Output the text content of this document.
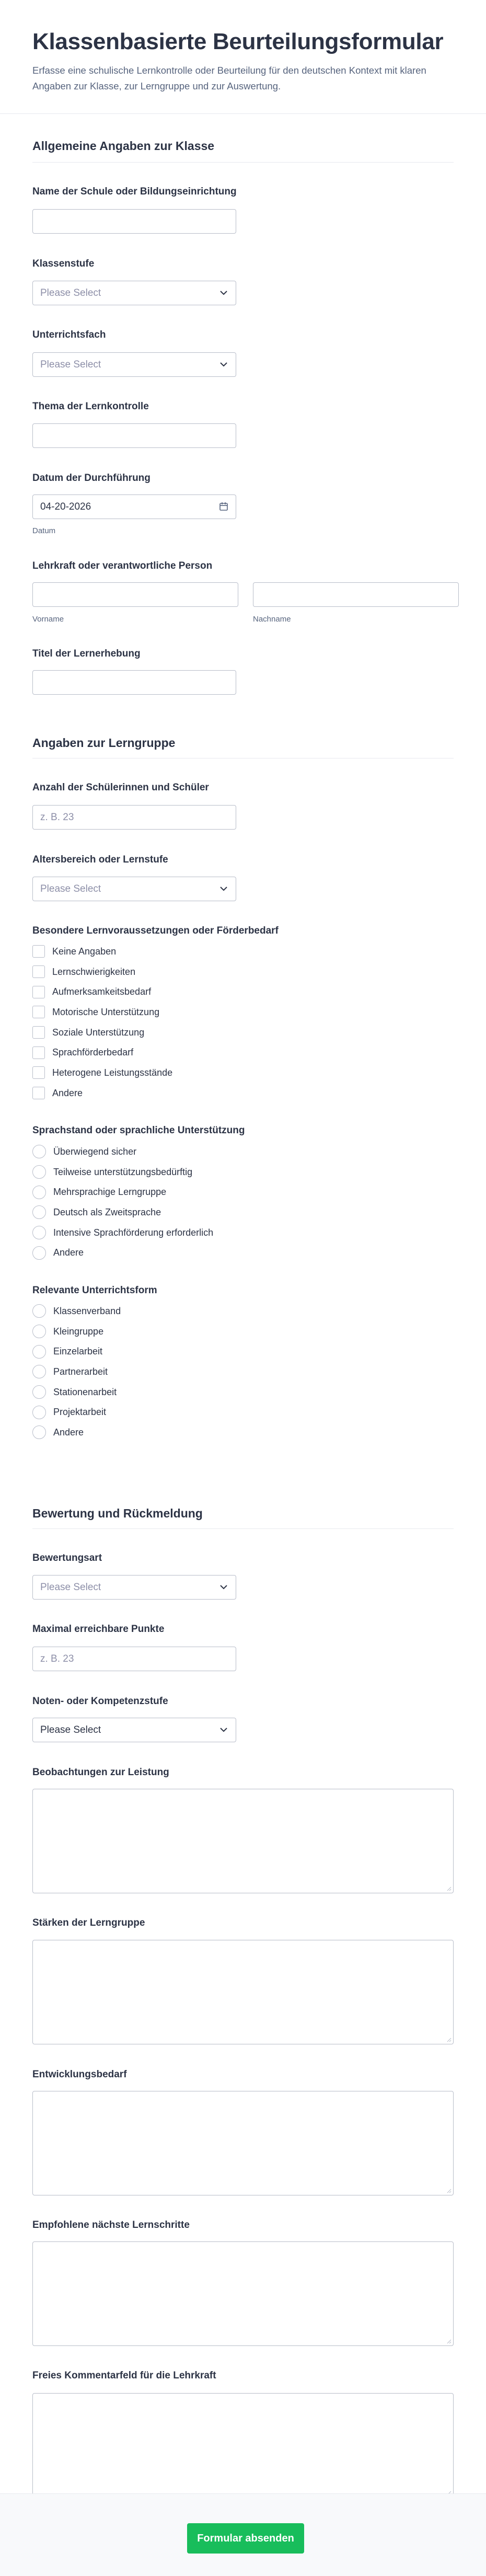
Klassenbasierte Beurteilungsformular

Erfasse eine schulische Lernkontrolle oder Beurteilung für den deutschen Kontext mit klaren Angaben zur Klasse, zur Lerngruppe und zur Auswertung.

Allgemeine Angaben zur Klasse
Name der Schule oder Bildungseinrichtung
Klassenstufe
Please Select
Unterrichtsfach
Please Select
Thema der Lernkontrolle
Datum der Durchführung
04-20-2026
Datum
Lehrkraft oder verantwortliche Person
Vorname	Nachname
Titel der Lernerhebung
Angaben zur Lerngruppe
Anzahl der Schülerinnen und Schüler
z. B. 23
Altersbereich oder Lernstufe
Please Select
Besondere Lernvoraussetzungen oder Förderbedarf
Keine Angaben
Lernschwierigkeiten
Aufmerksamkeitsbedarf
Motorische Unterstützung
Soziale Unterstützung
Sprachförderbedarf
Heterogene Leistungsstände
Andere
Sprachstand oder sprachliche Unterstützung
Überwiegend sicher
Teilweise unterstützungsbedürftig
Mehrsprachige Lerngruppe
Deutsch als Zweitsprache
Intensive Sprachförderung erforderlich
Andere
Relevante Unterrichtsform
Klassenverband
Kleingruppe
Einzelarbeit
Partnerarbeit
Stationenarbeit
Projektarbeit
Andere
Bewertung und Rückmeldung
Bewertungsart
Please Select
Maximal erreichbare Punkte
z. B. 23
Noten- oder Kompetenzstufe
Please Select
Beobachtungen zur Leistung
Stärken der Lerngruppe
Entwicklungsbedarf
Empfohlene nächste Lernschritte
Freies Kommentarfeld für die Lehrkraft
Formular absenden
